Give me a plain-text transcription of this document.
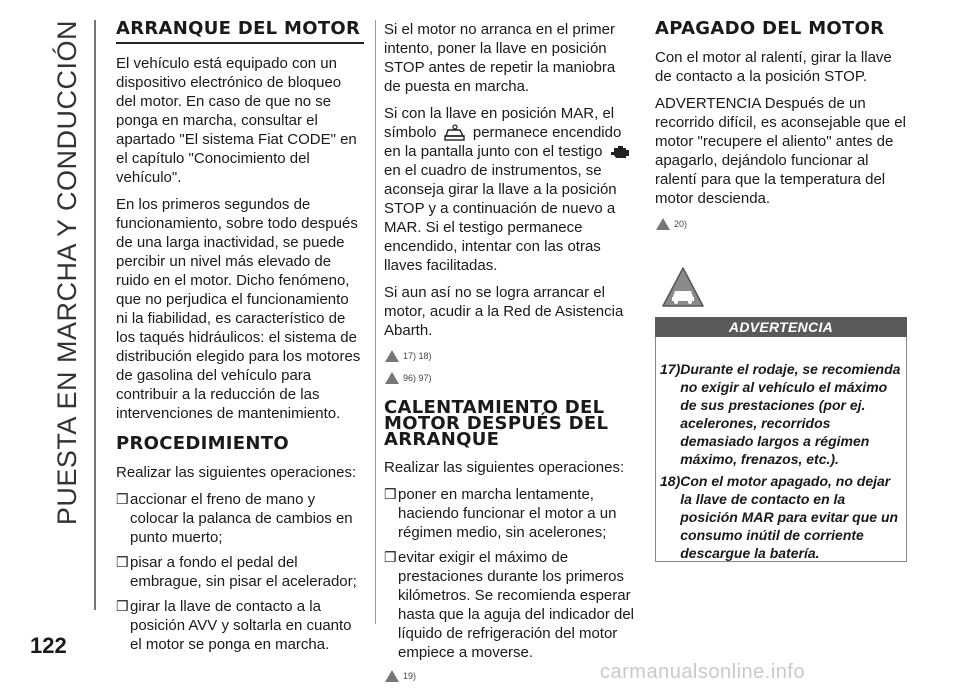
PUESTA EN MARCHA Y CONDUCCIÓN
122
ARRANQUE DEL MOTOR

El vehículo está equipado con un dispositivo electrónico de bloqueo del motor. En caso de que no se ponga en marcha, consultar el apartado "El sistema Fiat CODE" en el capítulo "Conocimiento del vehículo".

En los primeros segundos de funcionamiento, sobre todo después de una larga inactividad, se puede percibir un nivel más elevado de ruido en el motor. Dicho fenómeno, que no perjudica el funcionamiento ni la fiabilidad, es característico de los taqués hidráulicos: el sistema de distribución elegido para los motores de gasolina del vehículo para contribuir a la reducción de las intervenciones de mantenimiento.

PROCEDIMIENTO

Realizar las siguientes operaciones:

❒ accionar el freno de mano y colocar la palanca de cambios en punto muerto;
❒ pisar a fondo el pedal del embrague, sin pisar el acelerador;
❒ girar la llave de contacto a la posición AVV y soltarla en cuanto el motor se ponga en marcha.

Si el motor no arranca en el primer intento, poner la llave en posición STOP antes de repetir la maniobra de puesta en marcha.

Si con la llave en posición MAR, el símbolo permanece encendido en la pantalla junto con el testigo  en el cuadro de instrumentos, se aconseja girar la llave a la posición STOP y a continuación de nuevo a MAR. Si el testigo permanece encendido, intentar con las otras llaves facilitadas.

Si aun así no se logra arrancar el motor, acudir a la Red de Asistencia Abarth.

17) 18)
96) 97)
CALENTAMIENTO DEL MOTOR DESPUÉS DEL ARRANQUE

Realizar las siguientes operaciones:

❒ poner en marcha lentamente, haciendo funcionar el motor a un régimen medio, sin acelerones;
❒ evitar exigir el máximo de prestaciones durante los primeros kilómetros. Se recomienda esperar hasta que la aguja del indicador del líquido de refrigeración del motor empiece a moverse.
19)
APAGADO DEL MOTOR

Con el motor al ralentí, girar la llave de contacto a la posición STOP.

ADVERTENCIA Después de un recorrido difícil, es aconsejable que el motor "recupere el aliento" antes de apagarlo, dejándolo funcionar al ralentí para que la temperatura del motor descienda.

20)
ADVERTENCIA
17) Durante el rodaje, se recomienda no exigir al vehículo el máximo de sus prestaciones (por ej. acelerones, recorridos demasiado largos a régimen máximo, frenazos, etc.).
18) Con el motor apagado, no dejar la llave de contacto en la posición MAR para evitar que un consumo inútil de corriente descargue la batería.
carmanualsonline.info
